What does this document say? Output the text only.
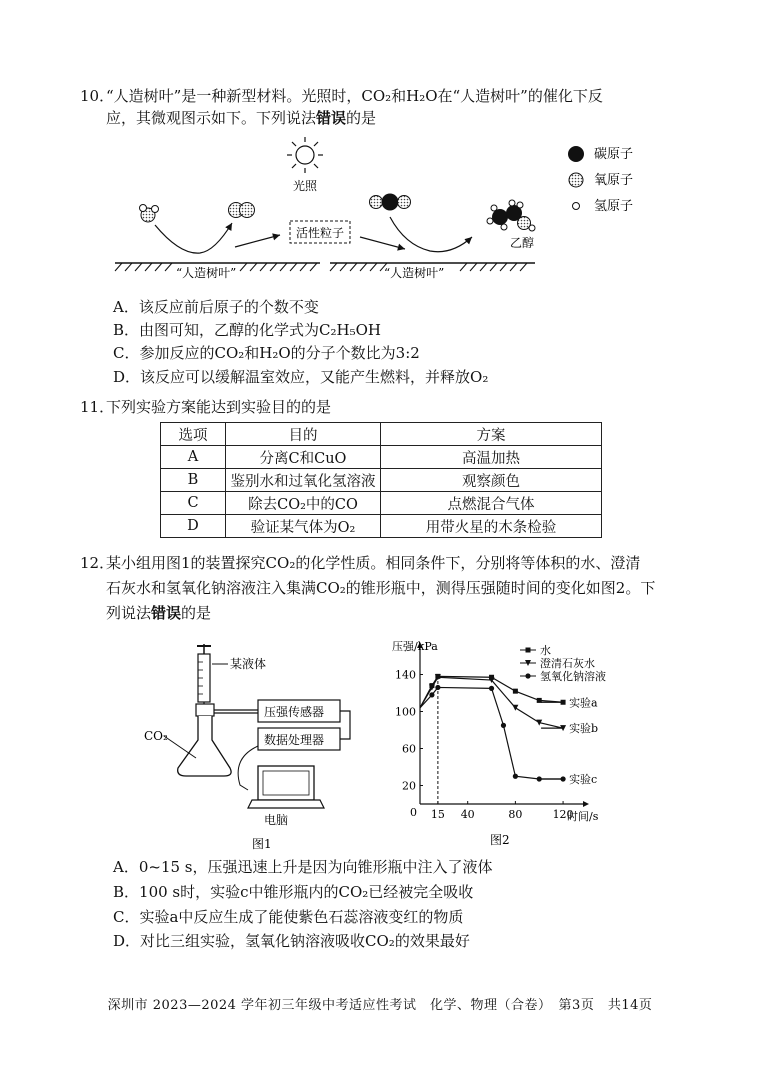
10．
“人造树叶”是一种新型材料。光照时，CO₂和H₂O在“人造树叶”的催化下反
应，其微观图示如下。下列说法错误的是
光照
“人造树叶”	“人造树叶”
活性粒子
乙醇
碳原子
氧原子
氢原子
A．该反应前后原子的个数不变
B．由图可知，乙醇的化学式为C₂H₅OH
C．参加反应的CO₂和H₂O的分子个数比为3:2
D．该反应可以缓解温室效应，又能产生燃料，并释放O₂
11．
下列实验方案能达到实验目的的是
选项	目的	方案
A	分离C和CuO	高温加热
B	鉴别水和过氧化氢溶液	观察颜色
C	除去CO₂中的CO	点燃混合气体
D	验证某气体为O₂	用带火星的木条检验
12．
某小组用图1的装置探究CO₂的化学性质。相同条件下，分别将等体积的水、澄清
石灰水和氢氧化钠溶液注入集满CO₂的锥形瓶中，测得压强随时间的变化如图2。下
列说法错误的是
某液体
CO₂
压强传感器
数据处理器
电脑
图1
压强/kPa
时间/s
0
20
60
100
140
15 40	80	120
实验a
实验b
实验c
水
澄清石灰水
氢氧化钠溶液
图2
A．0~15 s，压强迅速上升是因为向锥形瓶中注入了液体
B．100 s时，实验c中锥形瓶内的CO₂已经被完全吸收
C．实验a中反应生成了能使紫色石蕊溶液变红的物质
D．对比三组实验，氢氧化钠溶液吸收CO₂的效果最好
深圳市 2023—2024 学年初三年级中考适应性考试　化学、物理（合卷）　第3页　共14页
